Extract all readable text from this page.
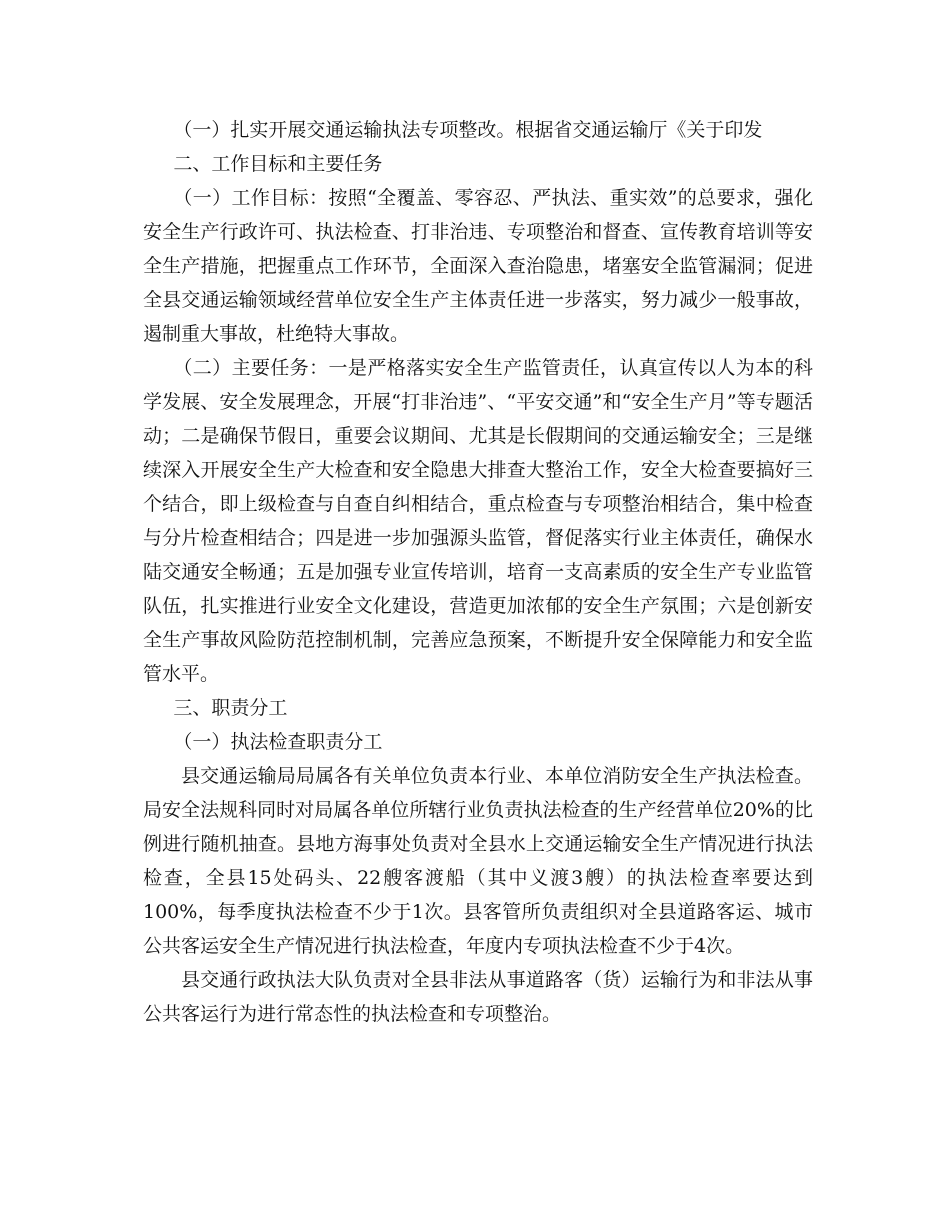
（一）扎实开展交通运输执法专项整改。根据省交通运输厅《关于印发

二、工作目标和主要任务

（一）工作目标：按照“全覆盖、零容忍、严执法、重实效”的总要求，强化安全生产行政许可、执法检查、打非治违、专项整治和督查、宣传教育培训等安全生产措施，把握重点工作环节，全面深入查治隐患，堵塞安全监管漏洞；促进全县交通运输领域经营单位安全生产主体责任进一步落实，努力减少一般事故，遏制重大事故，杜绝特大事故。

（二）主要任务：一是严格落实安全生产监管责任，认真宣传以人为本的科学发展、安全发展理念，开展“打非治违”、“平安交通”和“安全生产月”等专题活动；二是确保节假日，重要会议期间、尤其是长假期间的交通运输安全；三是继续深入开展安全生产大检查和安全隐患大排查大整治工作，安全大检查要搞好三个结合，即上级检查与自查自纠相结合，重点检查与专项整治相结合，集中检查与分片检查相结合；四是进一步加强源头监管，督促落实行业主体责任，确保水陆交通安全畅通；五是加强专业宣传培训，培育一支高素质的安全生产专业监管队伍，扎实推进行业安全文化建设，营造更加浓郁的安全生产氛围；六是创新安全生产事故风险防范控制机制，完善应急预案，不断提升安全保障能力和安全监管水平。

三、职责分工

（一）执法检查职责分工

县交通运输局局属各有关单位负责本行业、本单位消防安全生产执法检查。局安全法规科同时对局属各单位所辖行业负责执法检查的生产经营单位20%的比例进行随机抽查。县地方海事处负责对全县水上交通运输安全生产情况进行执法检查，全县15处码头、22艘客渡船（其中义渡3艘）的执法检查率要达到100%，每季度执法检查不少于1次。县客管所负责组织对全县道路客运、城市公共客运安全生产情况进行执法检查，年度内专项执法检查不少于4次。

县交通行政执法大队负责对全县非法从事道路客（货）运输行为和非法从事公共客运行为进行常态性的执法检查和专项整治。
